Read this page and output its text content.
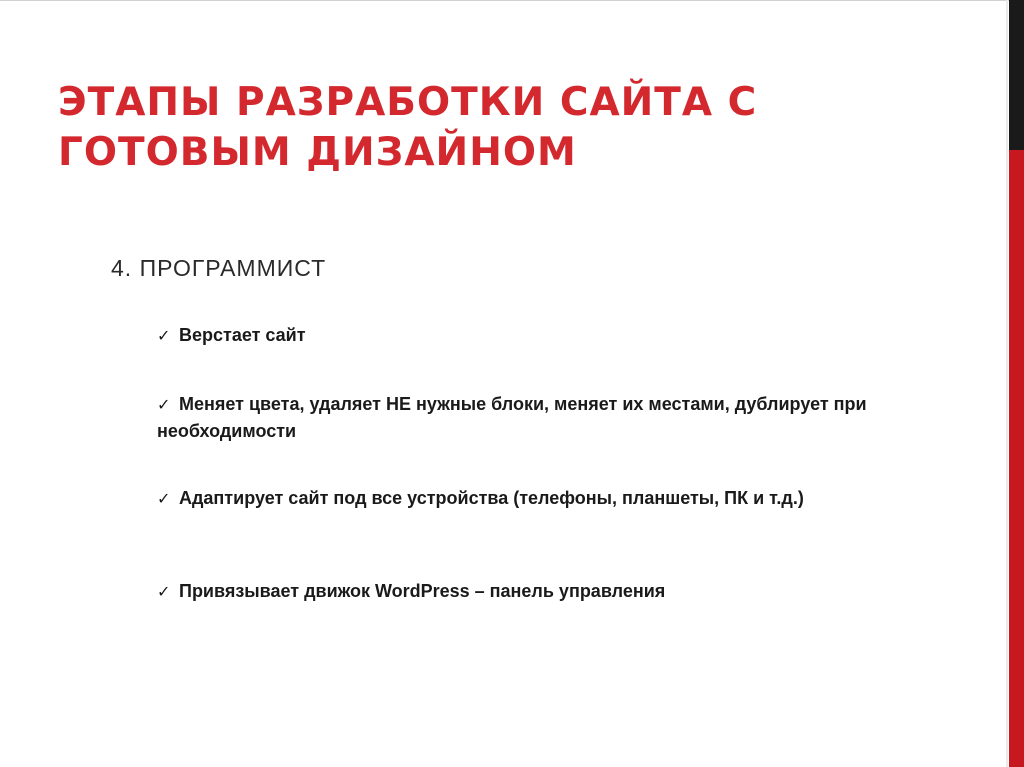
ЭТАПЫ РАЗРАБОТКИ САЙТА С ГОТОВЫМ ДИЗАЙНОМ

4. ПРОГРАММИСТ

✓ Верстает сайт
✓ Меняет цвета, удаляет НЕ нужные блоки, меняет их местами, дублирует при необходимости
✓ Адаптирует сайт под все устройства (телефоны, планшеты, ПК и т.д.)
✓ Привязывает движок WordPress – панель управления
